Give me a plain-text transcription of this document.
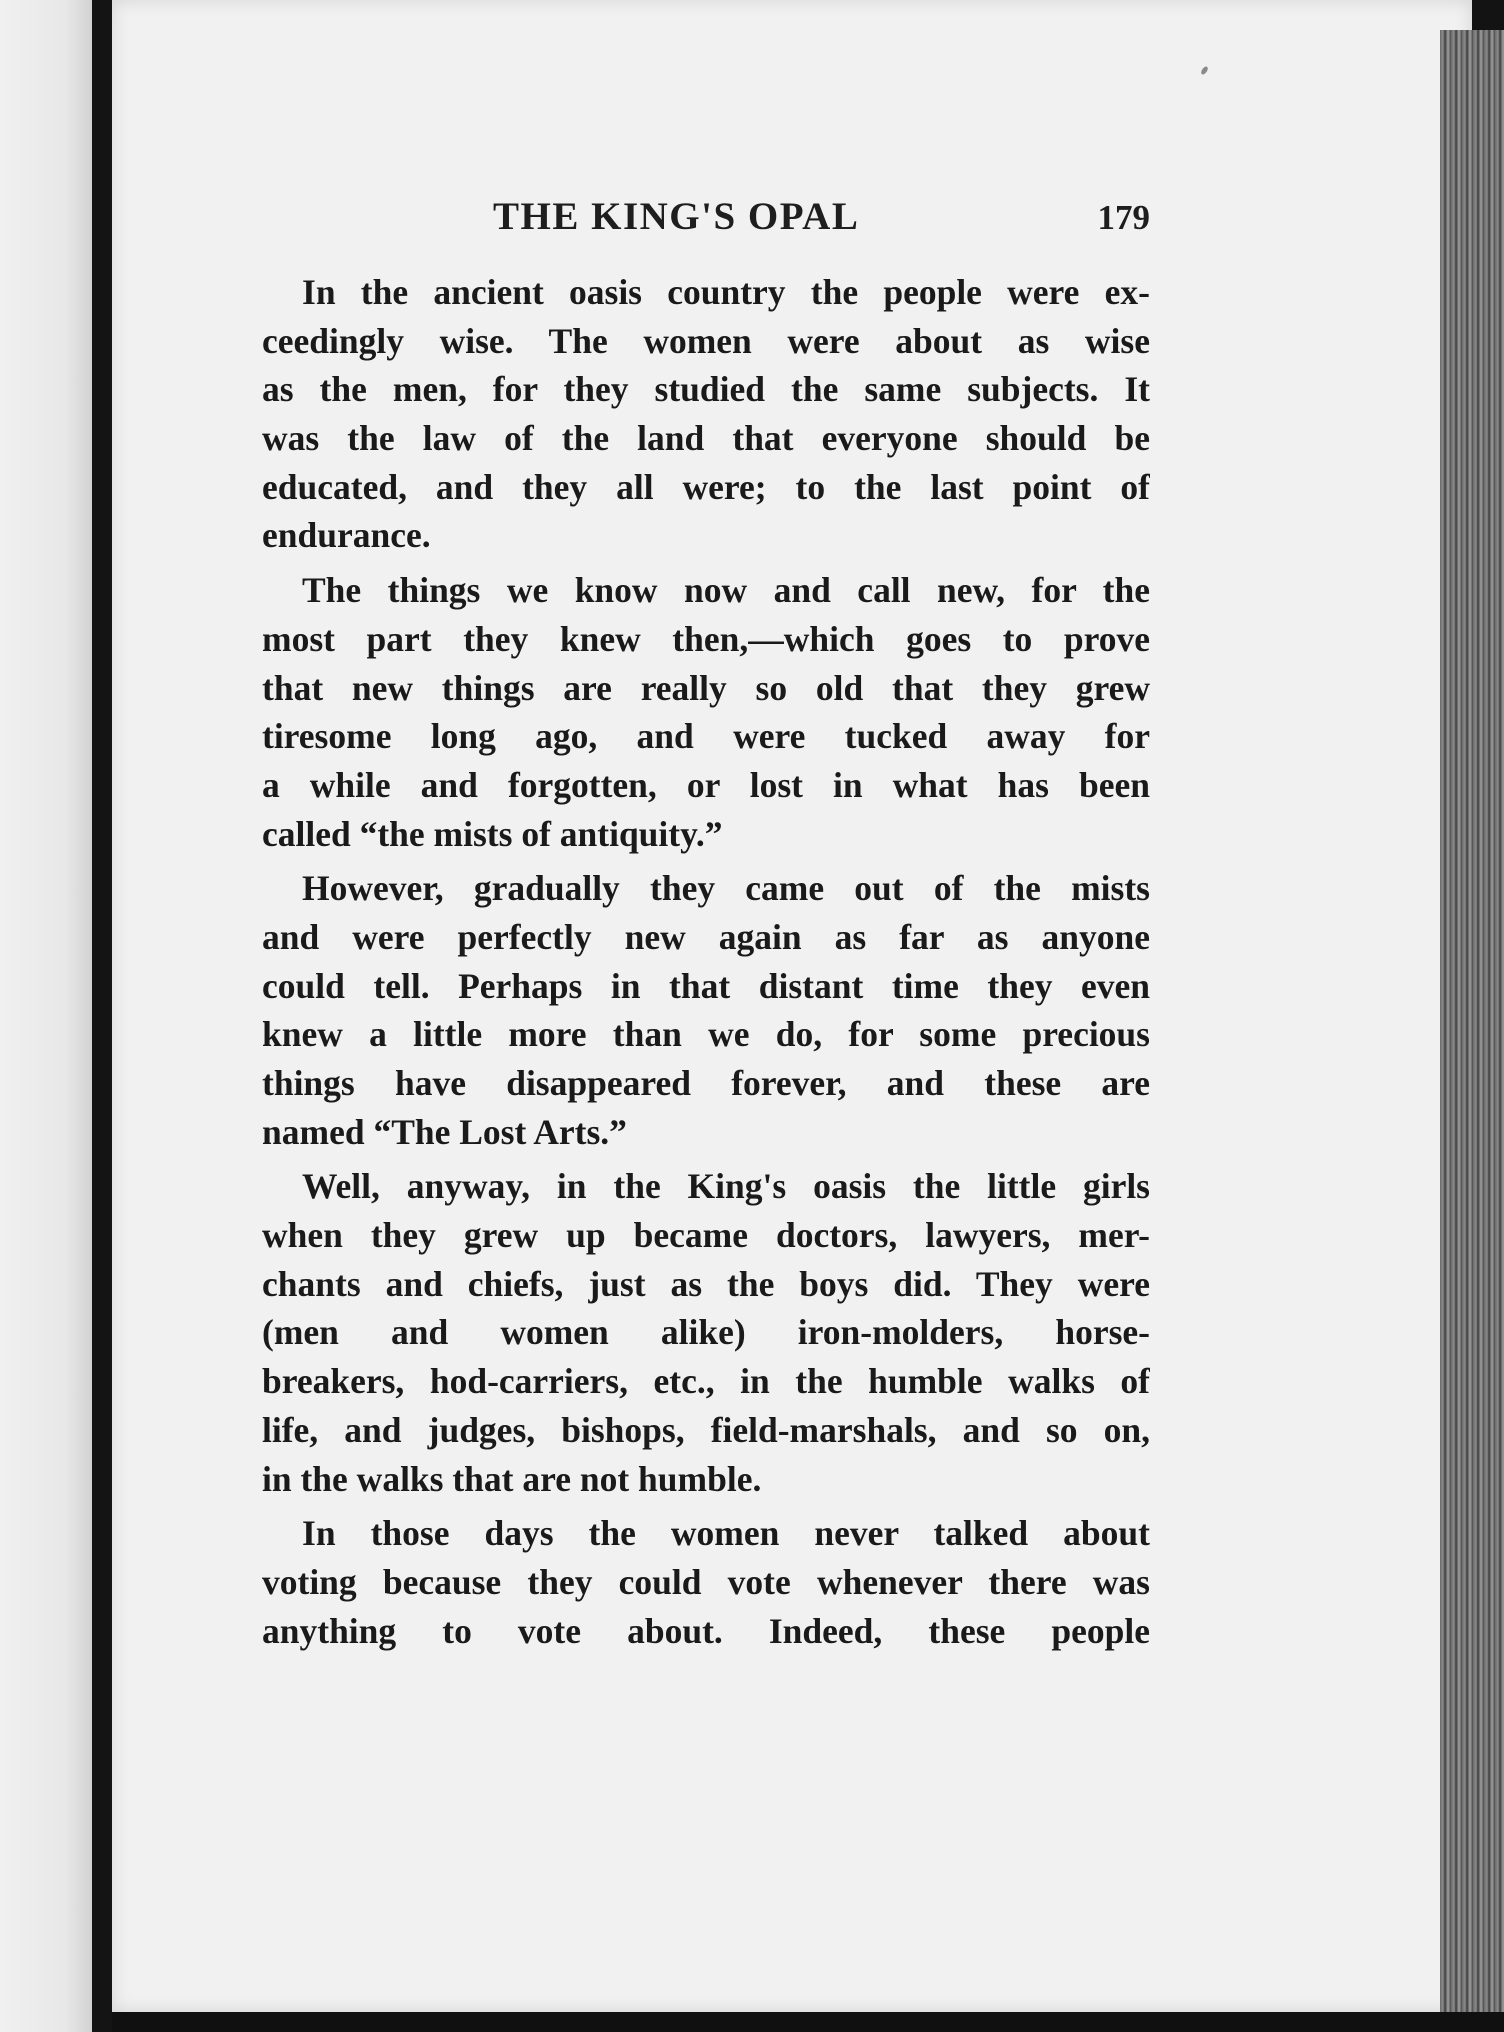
THE KING'S OPAL	179

In the ancient oasis country the people were ex-
ceedingly wise. The women were about as wise
as the men, for they studied the same subjects. It
was the law of the land that everyone should be
educated, and they all were; to the last point of
endurance.

The things we know now and call new, for the
most part they knew then,—which goes to prove
that new things are really so old that they grew
tiresome long ago, and were tucked away for
a while and forgotten, or lost in what has been
called “the mists of antiquity.”

However, gradually they came out of the mists
and were perfectly new again as far as anyone
could tell. Perhaps in that distant time they even
knew a little more than we do, for some precious
things have disappeared forever, and these are
named “The Lost Arts.”

Well, anyway, in the King's oasis the little girls
when they grew up became doctors, lawyers, mer-
chants and chiefs, just as the boys did. They were
(men and women alike) iron-molders, horse-
breakers, hod-carriers, etc., in the humble walks of
life, and judges, bishops, field-marshals, and so on,
in the walks that are not humble.

In those days the women never talked about
voting because they could vote whenever there was
anything to vote about. Indeed, these people
